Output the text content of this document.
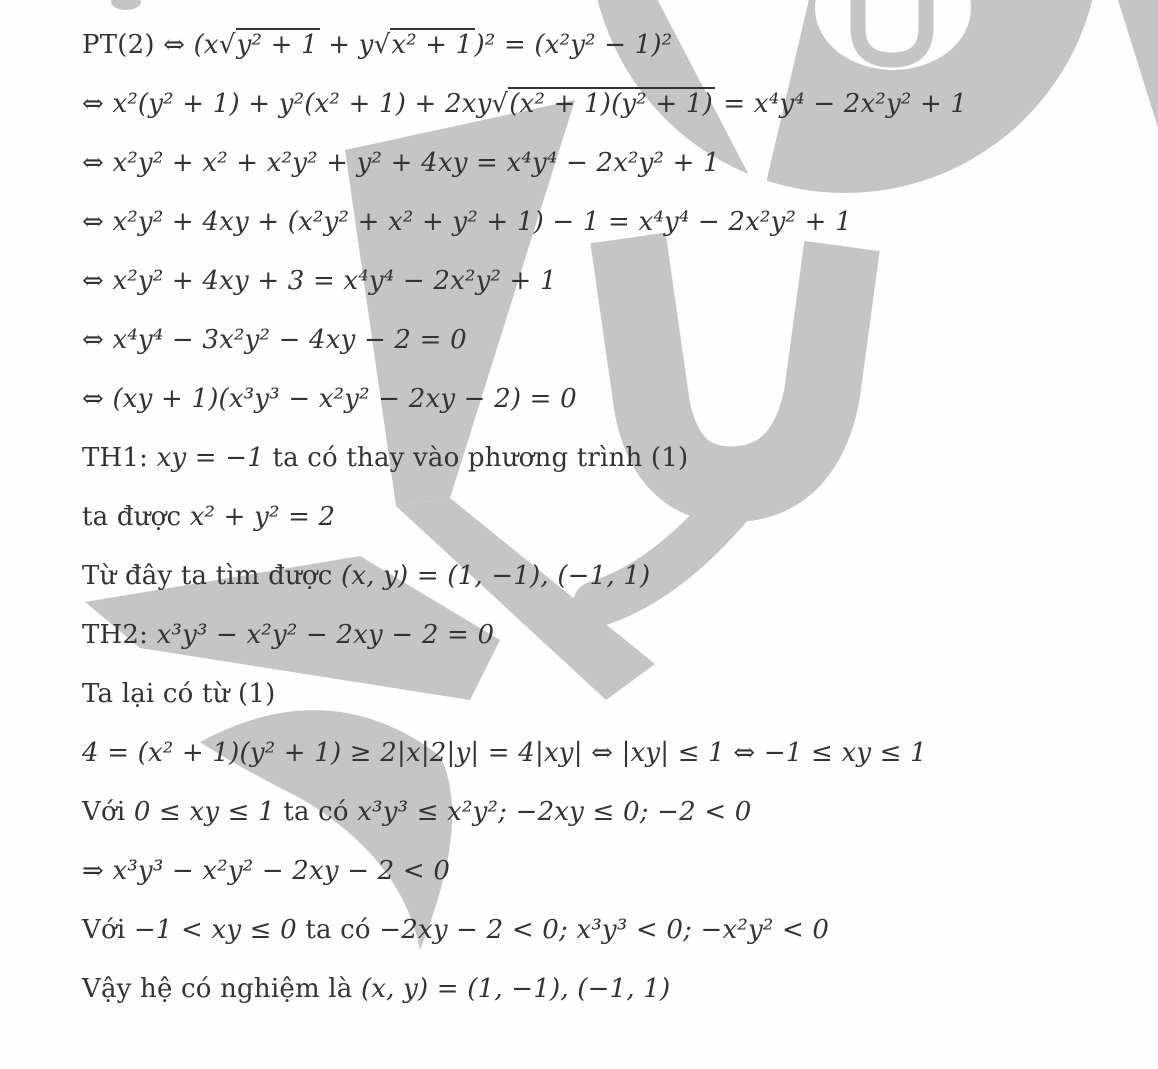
PT(2) ⇔ (x√y² + 1 + y√x² + 1)² = (x²y² − 1)²
⇔ x²(y² + 1) + y²(x² + 1) + 2xy√(x² + 1)(y² + 1) = x⁴y⁴ − 2x²y² + 1
⇔ x²y² + x² + x²y² + y² + 4xy = x⁴y⁴ − 2x²y² + 1
⇔ x²y² + 4xy + (x²y² + x² + y² + 1) − 1 = x⁴y⁴ − 2x²y² + 1
⇔ x²y² + 4xy + 3 = x⁴y⁴ − 2x²y² + 1
⇔ x⁴y⁴ − 3x²y² − 4xy − 2 = 0
⇔ (xy + 1)(x³y³ − x²y² − 2xy − 2) = 0
TH1: xy = −1 ta có thay vào phương trình (1)
ta được x² + y² = 2
Từ đây ta tìm được (x, y) = (1, −1), (−1, 1)
TH2: x³y³ − x²y² − 2xy − 2 = 0
Ta lại có từ (1)
4 = (x² + 1)(y² + 1) ≥ 2|x|2|y| = 4|xy| ⇔ |xy| ≤ 1 ⇔ −1 ≤ xy ≤ 1
Với 0 ≤ xy ≤ 1 ta có x³y³ ≤ x²y²; −2xy ≤ 0; −2 < 0
⇒ x³y³ − x²y² − 2xy − 2 < 0
Với −1 < xy ≤ 0 ta có −2xy − 2 < 0; x³y³ < 0; −x²y² < 0
Vậy hệ có nghiệm là (x, y) = (1, −1), (−1, 1)
